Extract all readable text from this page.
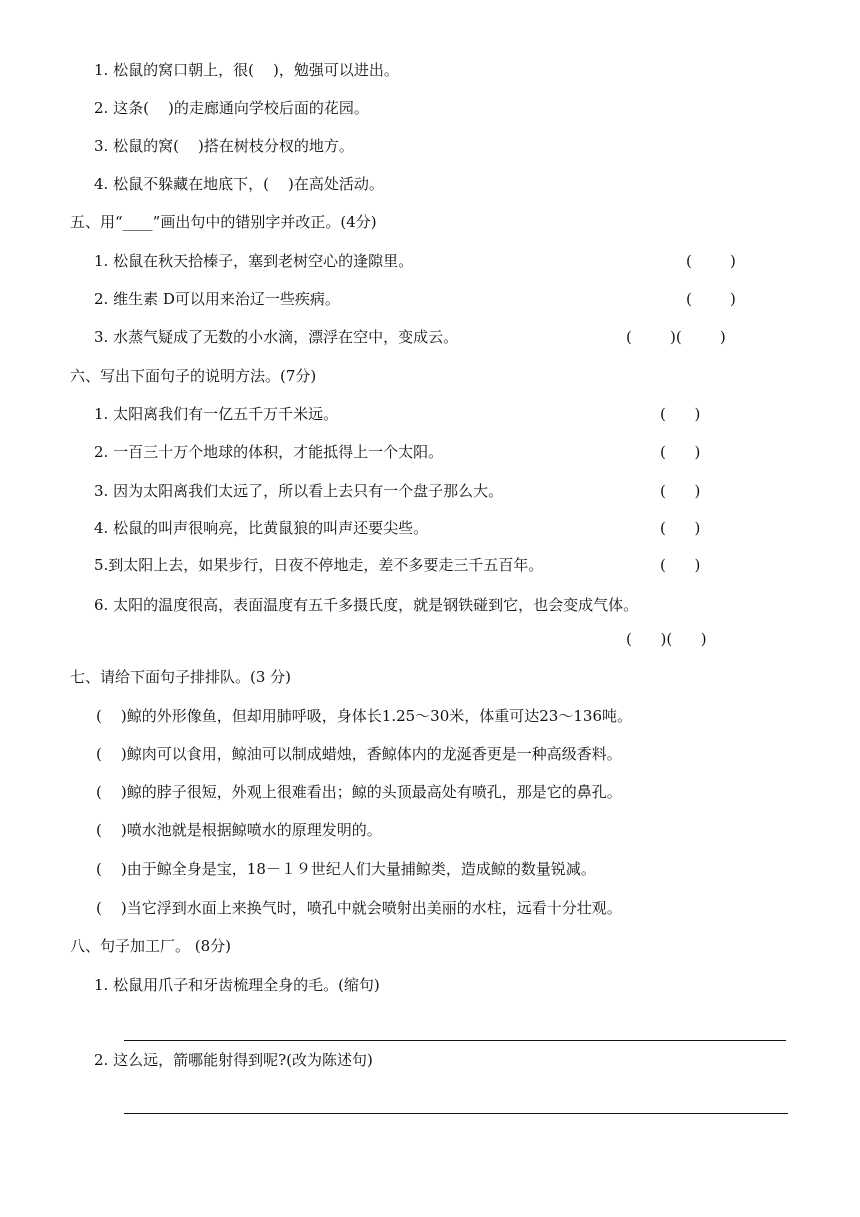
1. 松鼠的窝口朝上，很(    )，勉强可以进出。
2. 这条(    )的走廊通向学校后面的花园。
3. 松鼠的窝(    )搭在树枝分杈的地方。
4. 松鼠不躲藏在地底下，(    )在高处活动。
五、用“____”画出句中的错别字并改正。(4分)
1. 松鼠在秋天拾榛子，塞到老树空心的逢隙里。	(        )
2. 维生素 D可以用来治辽一些疾病。	(        )
3. 水蒸气疑成了无数的小水滴，漂浮在空中，变成云。	(        )(        )
六、写出下面句子的说明方法。(7分)
1. 太阳离我们有一亿五千万千米远。	(      )
2. 一百三十万个地球的体积，才能抵得上一个太阳。	(      )
3. 因为太阳离我们太远了，所以看上去只有一个盘子那么大。	(      )
4. 松鼠的叫声很响亮，比黄鼠狼的叫声还要尖些。	(      )
5.到太阳上去，如果步行，日夜不停地走，差不多要走三千五百年。	(      )
6. 太阳的温度很高，表面温度有五千多摄氏度，就是钢铁碰到它，也会变成气体。
(      )(      )
七、请给下面句子排排队。(3 分)
(    )鲸的外形像鱼，但却用肺呼吸，身体长1.25～30米，体重可达23～136吨。
(    )鲸肉可以食用，鲸油可以制成蜡烛，香鲸体内的龙涎香更是一种高级香料。
(    )鲸的脖子很短，外观上很难看出；鲸的头顶最高处有喷孔，那是它的鼻孔。
(    )喷水池就是根据鲸喷水的原理发明的。
(    )由于鲸全身是宝，18－１９世纪人们大量捕鲸类，造成鲸的数量锐减。
(    )当它浮到水面上来换气时，喷孔中就会喷射出美丽的水柱，远看十分壮观。
八、句子加工厂。 (8分)
1. 松鼠用爪子和牙齿梳理全身的毛。(缩句)
2. 这么远，箭哪能射得到呢?(改为陈述句)
